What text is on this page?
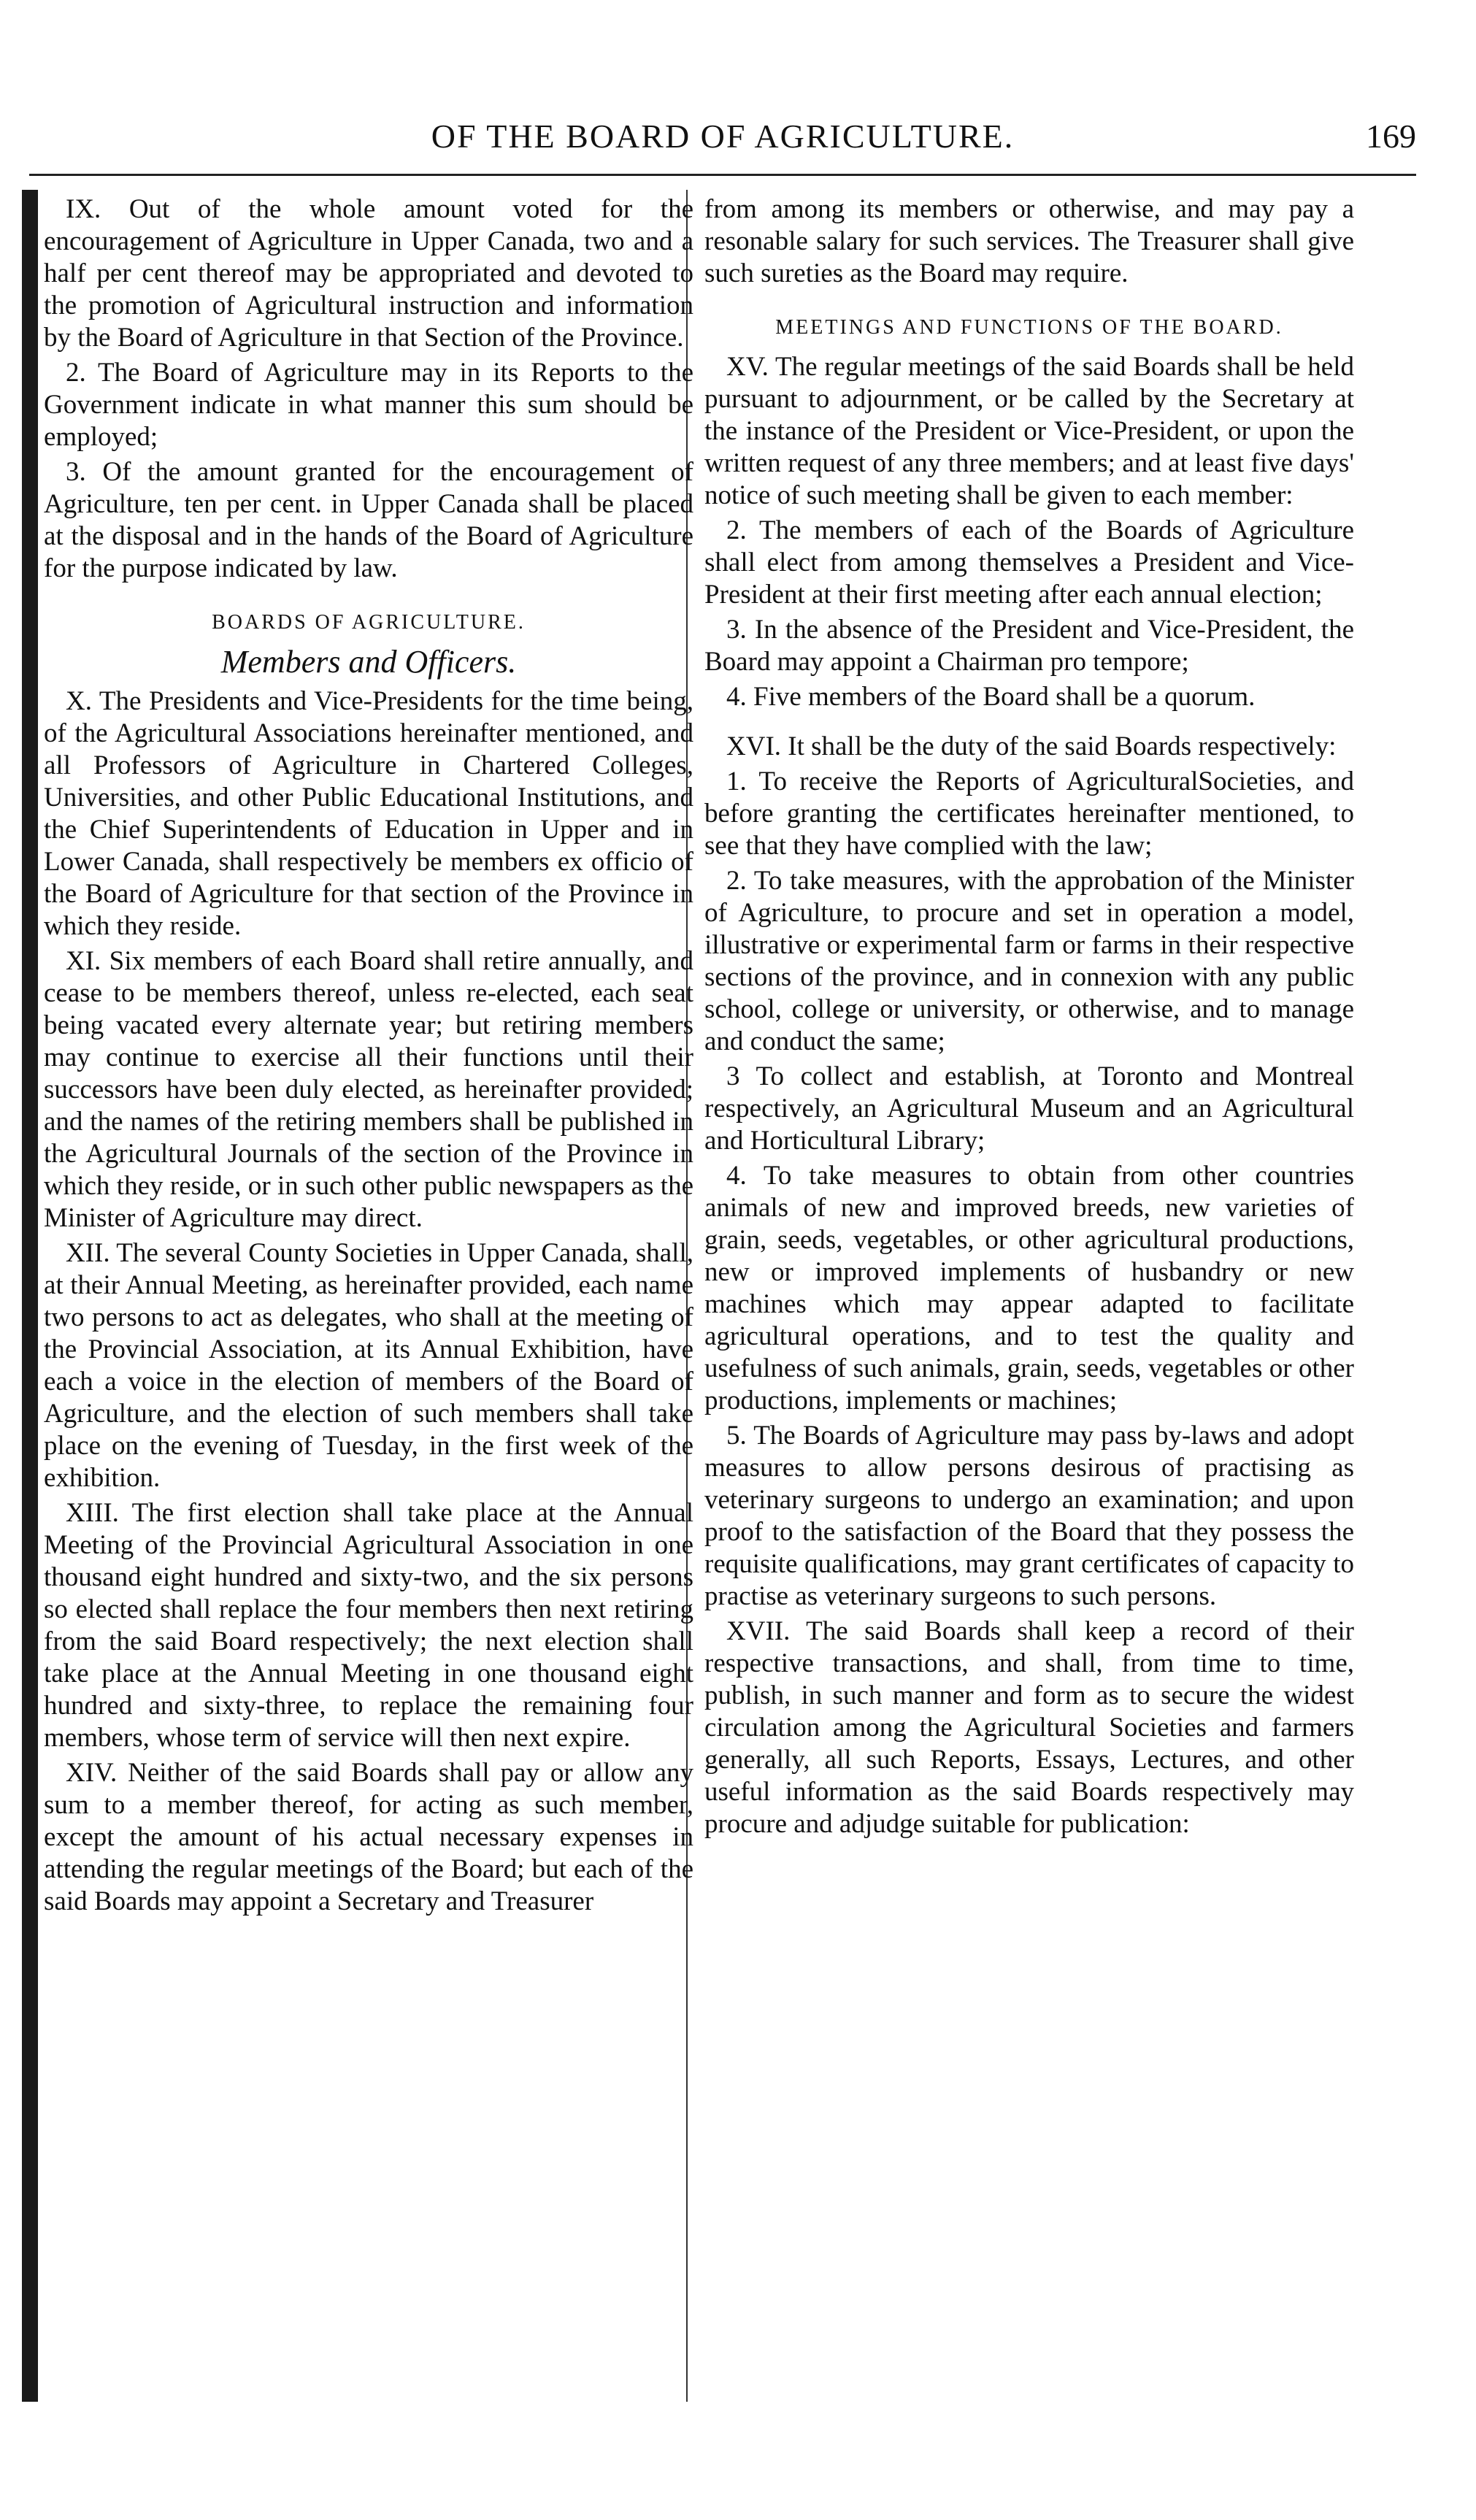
OF THE BOARD OF AGRICULTURE.	169

IX. Out of the whole amount voted for the encouragement of Agriculture in Upper Canada, two and a half per cent thereof may be appropriated and devoted to the promotion of Agricultural instruction and information by the Board of Agriculture in that Section of the Province.

2. The Board of Agriculture may in its Reports to the Government indicate in what manner this sum should be employed;

3. Of the amount granted for the encouragement of Agriculture, ten per cent. in Upper Canada shall be placed at the disposal and in the hands of the Board of Agriculture for the purpose indicated by law.

BOARDS OF AGRICULTURE.
Members and Officers.

X. The Presidents and Vice-Presidents for the time being, of the Agricultural Associations hereinafter mentioned, and all Professors of Agriculture in Chartered Colleges, Universities, and other Public Educational Institutions, and the Chief Superintendents of Education in Upper and in Lower Canada, shall respectively be members ex officio of the Board of Agriculture for that section of the Province in which they reside.

XI. Six members of each Board shall retire annually, and cease to be members thereof, unless re-elected, each seat being vacated every alternate year; but retiring members may continue to exercise all their functions until their successors have been duly elected, as hereinafter provided; and the names of the retiring members shall be published in the Agricultural Journals of the section of the Province in which they reside, or in such other public newspapers as the Minister of Agriculture may direct.

XII. The several County Societies in Upper Canada, shall, at their Annual Meeting, as hereinafter provided, each name two persons to act as delegates, who shall at the meeting of the Provincial Association, at its Annual Exhibition, have each a voice in the election of members of the Board of Agriculture, and the election of such members shall take place on the evening of Tuesday, in the first week of the exhibition.

XIII. The first election shall take place at the Annual Meeting of the Provincial Agricultural Association in one thousand eight hundred and sixty-two, and the six persons so elected shall replace the four members then next retiring from the said Board respectively; the next election shall take place at the Annual Meeting in one thousand eight hundred and sixty-three, to replace the remaining four members, whose term of service will then next expire.

XIV. Neither of the said Boards shall pay or allow any sum to a member thereof, for acting as such member, except the amount of his actual necessary expenses in attending the regular meetings of the Board; but each of the said Boards may appoint a Secretary and Treasurer

from among its members or otherwise, and may pay a resonable salary for such services. The Treasurer shall give such sureties as the Board may require.

MEETINGS AND FUNCTIONS OF THE BOARD.

XV. The regular meetings of the said Boards shall be held pursuant to adjournment, or be called by the Secretary at the instance of the President or Vice-President, or upon the written request of any three members; and at least five days' notice of such meeting shall be given to each member:

2. The members of each of the Boards of Agriculture shall elect from among themselves a President and Vice-President at their first meeting after each annual election;

3. In the absence of the President and Vice-President, the Board may appoint a Chairman pro tempore;

4. Five members of the Board shall be a quorum.

XVI. It shall be the duty of the said Boards respectively:

1. To receive the Reports of AgriculturalSocieties, and before granting the certificates hereinafter mentioned, to see that they have complied with the law;

2. To take measures, with the approbation of the Minister of Agriculture, to procure and set in operation a model, illustrative or experimental farm or farms in their respective sections of the province, and in connexion with any public school, college or university, or otherwise, and to manage and conduct the same;

3 To collect and establish, at Toronto and Montreal respectively, an Agricultural Museum and an Agricultural and Horticultural Library;

4. To take measures to obtain from other countries animals of new and improved breeds, new varieties of grain, seeds, vegetables, or other agricultural productions, new or improved implements of husbandry or new machines which may appear adapted to facilitate agricultural operations, and to test the quality and usefulness of such animals, grain, seeds, vegetables or other productions, implements or machines;

5. The Boards of Agriculture may pass by-laws and adopt measures to allow persons desirous of practising as veterinary surgeons to undergo an examination; and upon proof to the satisfaction of the Board that they possess the requisite qualifications, may grant certificates of capacity to practise as veterinary surgeons to such persons.

XVII. The said Boards shall keep a record of their respective transactions, and shall, from time to time, publish, in such manner and form as to secure the widest circulation among the Agricultural Societies and farmers generally, all such Reports, Essays, Lectures, and other useful information as the said Boards respectively may procure and adjudge suitable for publication:
